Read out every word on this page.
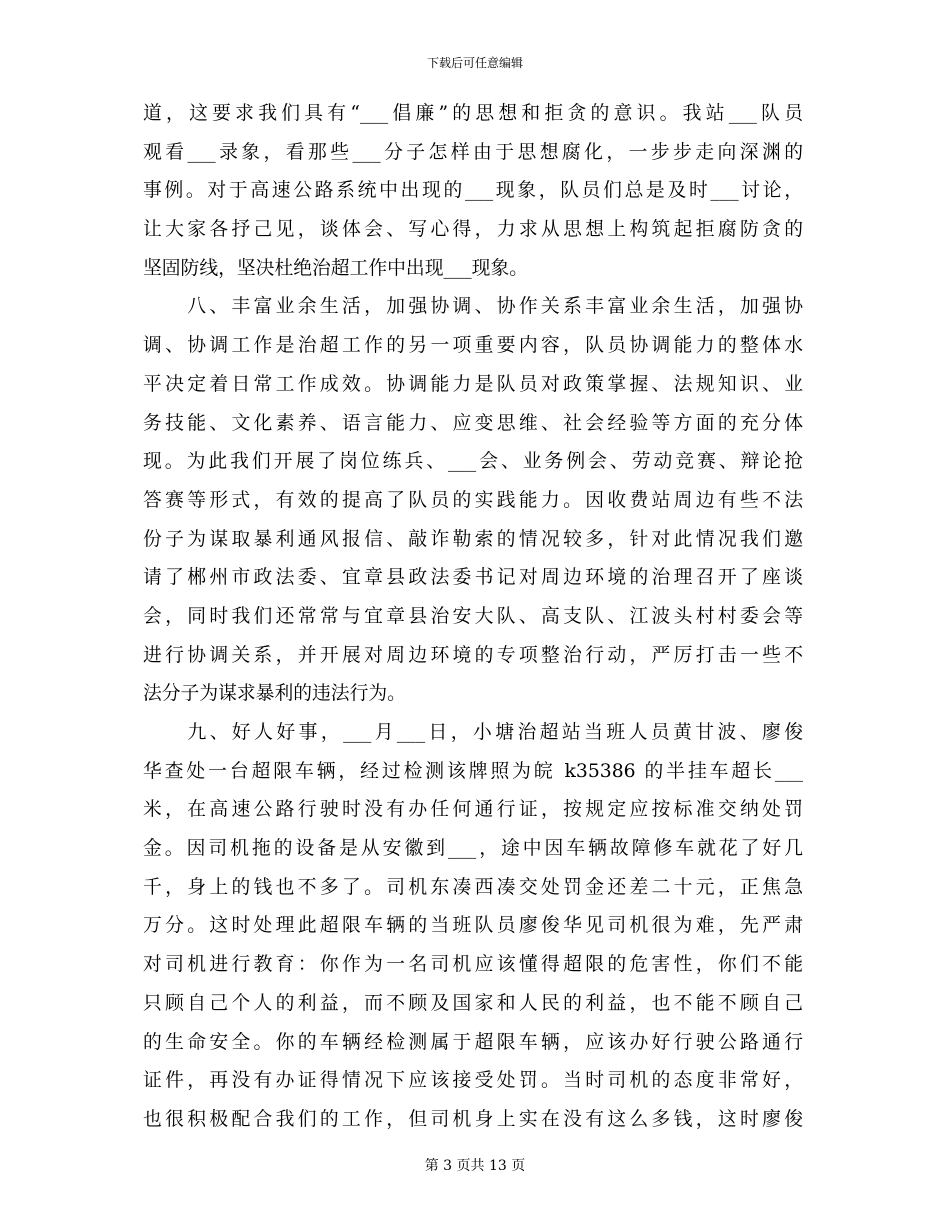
下载后可任意编辑
道，这要求我们具有“___倡廉”的思想和拒贪的意识。我站___队员
观看___录象，看那些___分子怎样由于思想腐化，一步步走向深渊的
事例。对于高速公路系统中出现的___现象，队员们总是及时___讨论，
让大家各抒己见，谈体会、写心得，力求从思想上构筑起拒腐防贪的
坚固防线，坚决杜绝治超工作中出现___现象。
　　八、丰富业余生活，加强协调、协作关系丰富业余生活，加强协
调、协调工作是治超工作的另一项重要内容，队员协调能力的整体水
平决定着日常工作成效。协调能力是队员对政策掌握、法规知识、业
务技能、文化素养、语言能力、应变思维、社会经验等方面的充分体
现。为此我们开展了岗位练兵、___会、业务例会、劳动竞赛、辩论抢
答赛等形式，有效的提高了队员的实践能力。因收费站周边有些不法
份子为谋取暴利通风报信、敲诈勒索的情况较多，针对此情况我们邀
请了郴州市政法委、宜章县政法委书记对周边环境的治理召开了座谈
会，同时我们还常常与宜章县治安大队、高支队、江波头村村委会等
进行协调关系，并开展对周边环境的专项整治行动，严厉打击一些不
法分子为谋求暴利的违法行为。
　　九、好人好事，___月___日，小塘治超站当班人员黄甘波、廖俊
华查处一台超限车辆，经过检测该牌照为皖 k35386 的半挂车超长___
米，在高速公路行驶时没有办任何通行证，按规定应按标准交纳处罚
金。因司机拖的设备是从安徽到___，途中因车辆故障修车就花了好几
千，身上的钱也不多了。司机东凑西凑交处罚金还差二十元，正焦急
万分。这时处理此超限车辆的当班队员廖俊华见司机很为难，先严肃
对司机进行教育：你作为一名司机应该懂得超限的危害性，你们不能
只顾自己个人的利益，而不顾及国家和人民的利益，也不能不顾自己
的生命安全。你的车辆经检测属于超限车辆，应该办好行驶公路通行
证件，再没有办证得情况下应该接受处罚。当时司机的态度非常好，
也很积极配合我们的工作，但司机身上实在没有这么多钱，这时廖俊
第 3 页共 13 页
